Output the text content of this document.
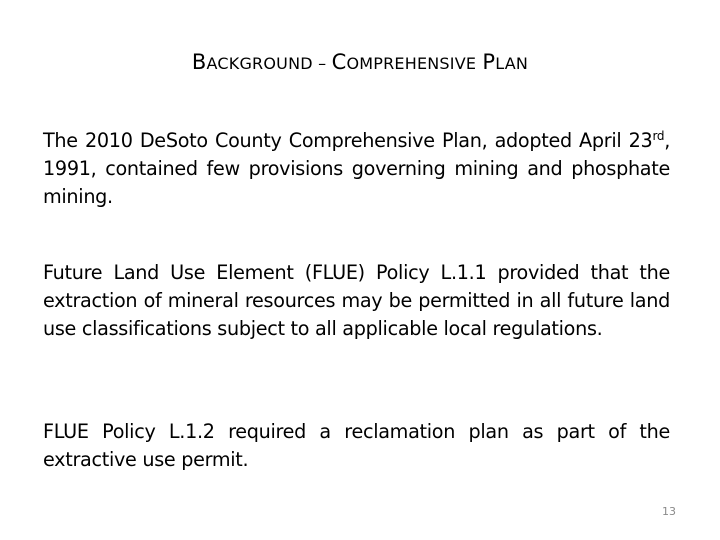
BACKGROUND – COMPREHENSIVE PLAN
The 2010 DeSoto County Comprehensive Plan, adopted April 23rd, 1991, contained few provisions governing mining and phosphate mining.
Future Land Use Element (FLUE) Policy L.1.1 provided that the extraction of mineral resources may be permitted in all future land use classifications subject to all applicable local regulations.
FLUE Policy L.1.2 required a reclamation plan as part of the extractive use permit.
13
